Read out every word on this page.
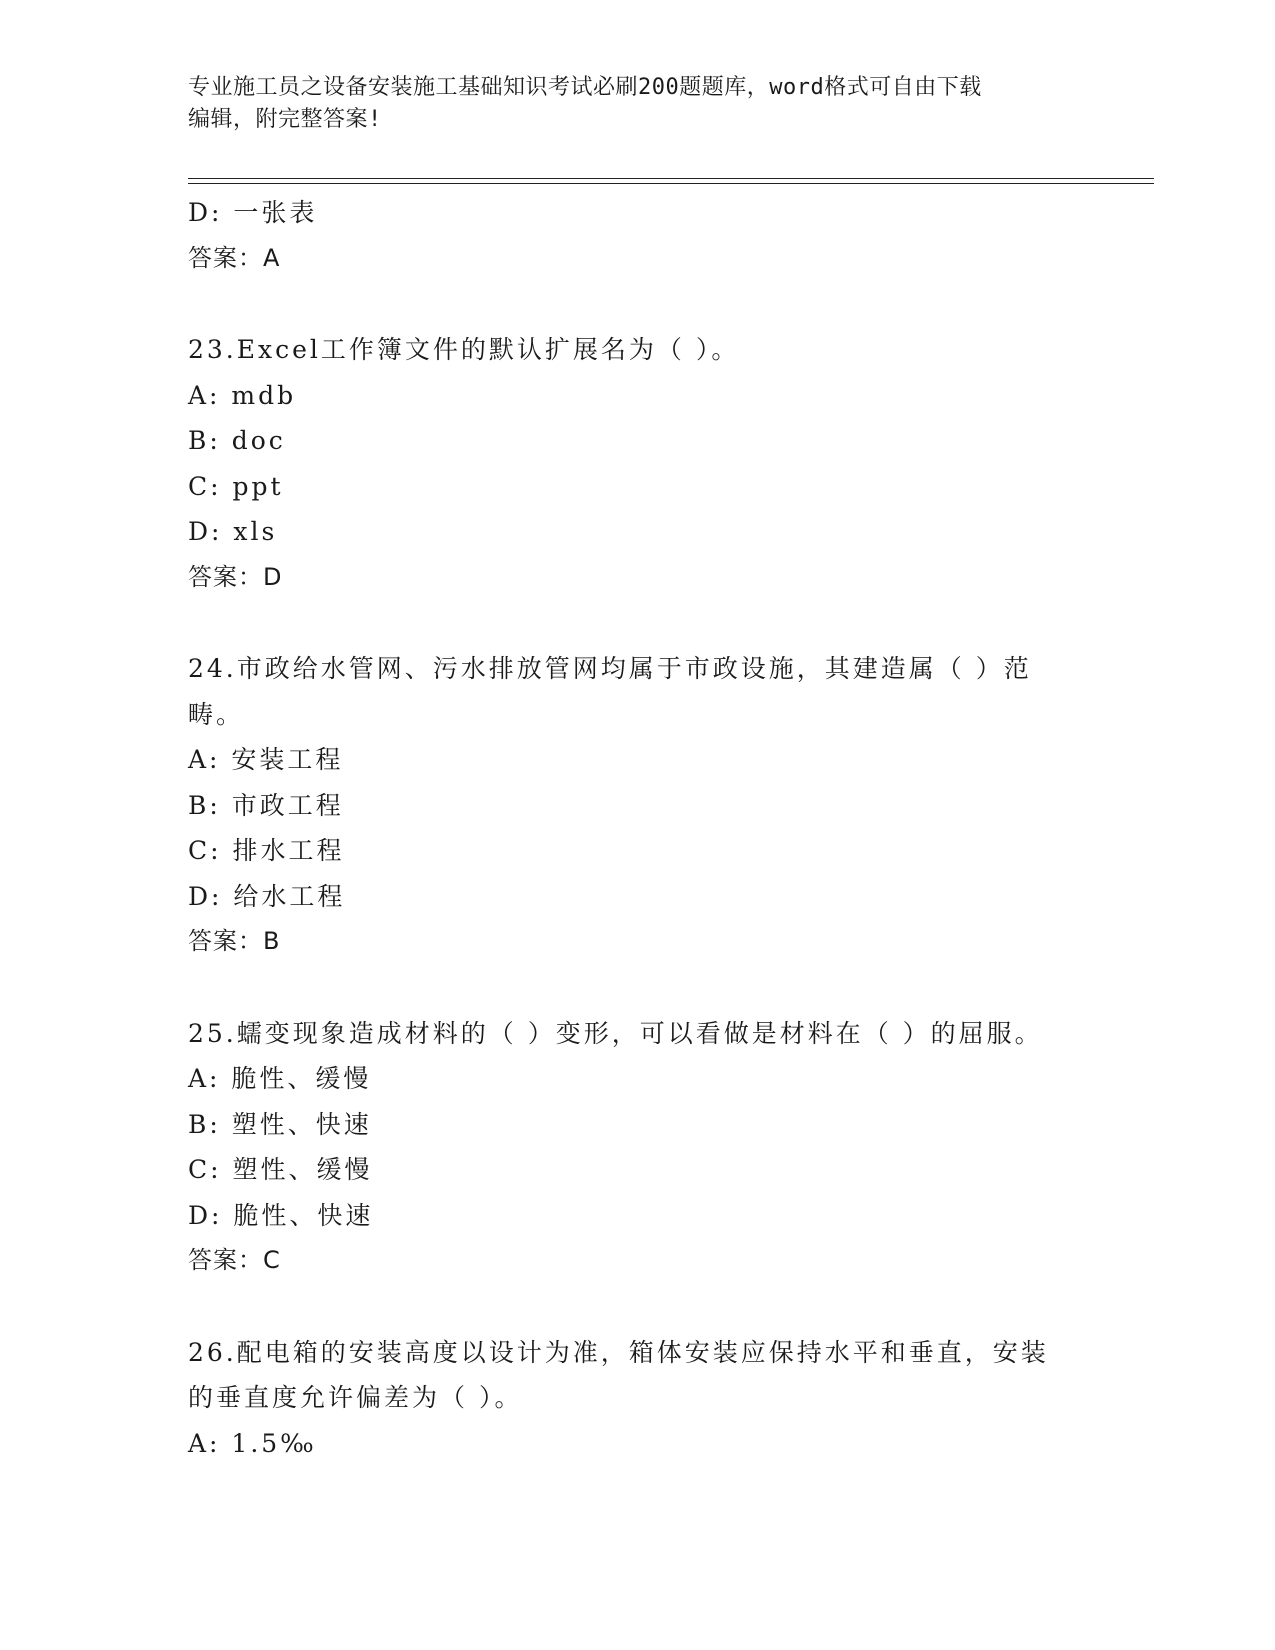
专业施工员之设备安装施工基础知识考试必刷200题题库，word格式可自由下载
编辑，附完整答案!
D: 一张表
答案：A
23.Excel工作簿文件的默认扩展名为（ ）。
A: mdb
B: doc
C: ppt
D: xls
答案：D
24.市政给水管网、污水排放管网均属于市政设施，其建造属（ ）范
畴。
A: 安装工程
B: 市政工程
C: 排水工程
D: 给水工程
答案：B
25.蠕变现象造成材料的（ ）变形，可以看做是材料在（ ）的屈服。
A: 脆性、缓慢
B: 塑性、快速
C: 塑性、缓慢
D: 脆性、快速
答案：C
26.配电箱的安装高度以设计为准，箱体安装应保持水平和垂直，安装
的垂直度允许偏差为（ ）。
A: 1.5‰
